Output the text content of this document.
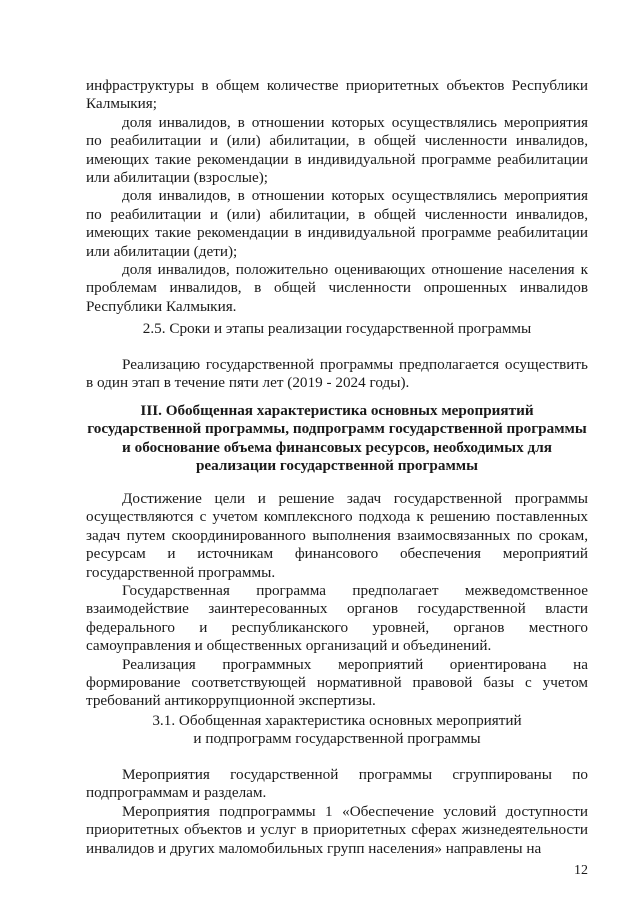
инфраструктуры в общем количестве приоритетных объектов Республики Калмыкия;

доля инвалидов, в отношении которых осуществлялись мероприятия по реабилитации и (или) абилитации, в общей численности инвалидов, имеющих такие рекомендации в индивидуальной программе реабилитации или абилитации (взрослые);

доля инвалидов, в отношении которых осуществлялись мероприятия по реабилитации и (или) абилитации, в общей численности инвалидов, имеющих такие рекомендации в индивидуальной программе реабилитации или абилитации (дети);

доля инвалидов, положительно оценивающих отношение населения к проблемам инвалидов, в общей численности опрошенных инвалидов Республики Калмыкия.

2.5. Сроки и этапы реализации государственной программы

Реализацию государственной программы предполагается осуществить в один этап в течение пяти лет (2019 - 2024 годы).

III. Обобщенная характеристика основных мероприятий государственной программы, подпрограмм государственной программы и обоснование объема финансовых ресурсов, необходимых для реализации государственной программы

Достижение цели и решение задач государственной программы осуществляются с учетом комплексного подхода к решению поставленных задач путем скоординированного выполнения взаимосвязанных по срокам, ресурсам и источникам финансового обеспечения мероприятий государственной программы.

Государственная программа предполагает межведомственное взаимодействие заинтересованных органов государственной власти федерального и республиканского уровней, органов местного самоуправления и общественных организаций и объединений.

Реализация программных мероприятий ориентирована на формирование соответствующей нормативной правовой базы с учетом требований антикоррупционной экспертизы.

3.1. Обобщенная характеристика основных мероприятий

и подпрограмм государственной программы

Мероприятия государственной программы сгруппированы по подпрограммам и разделам.

Мероприятия подпрограммы 1 «Обеспечение условий доступности приоритетных объектов и услуг в приоритетных сферах жизнедеятельности инвалидов и других маломобильных групп населения» направлены на

12
